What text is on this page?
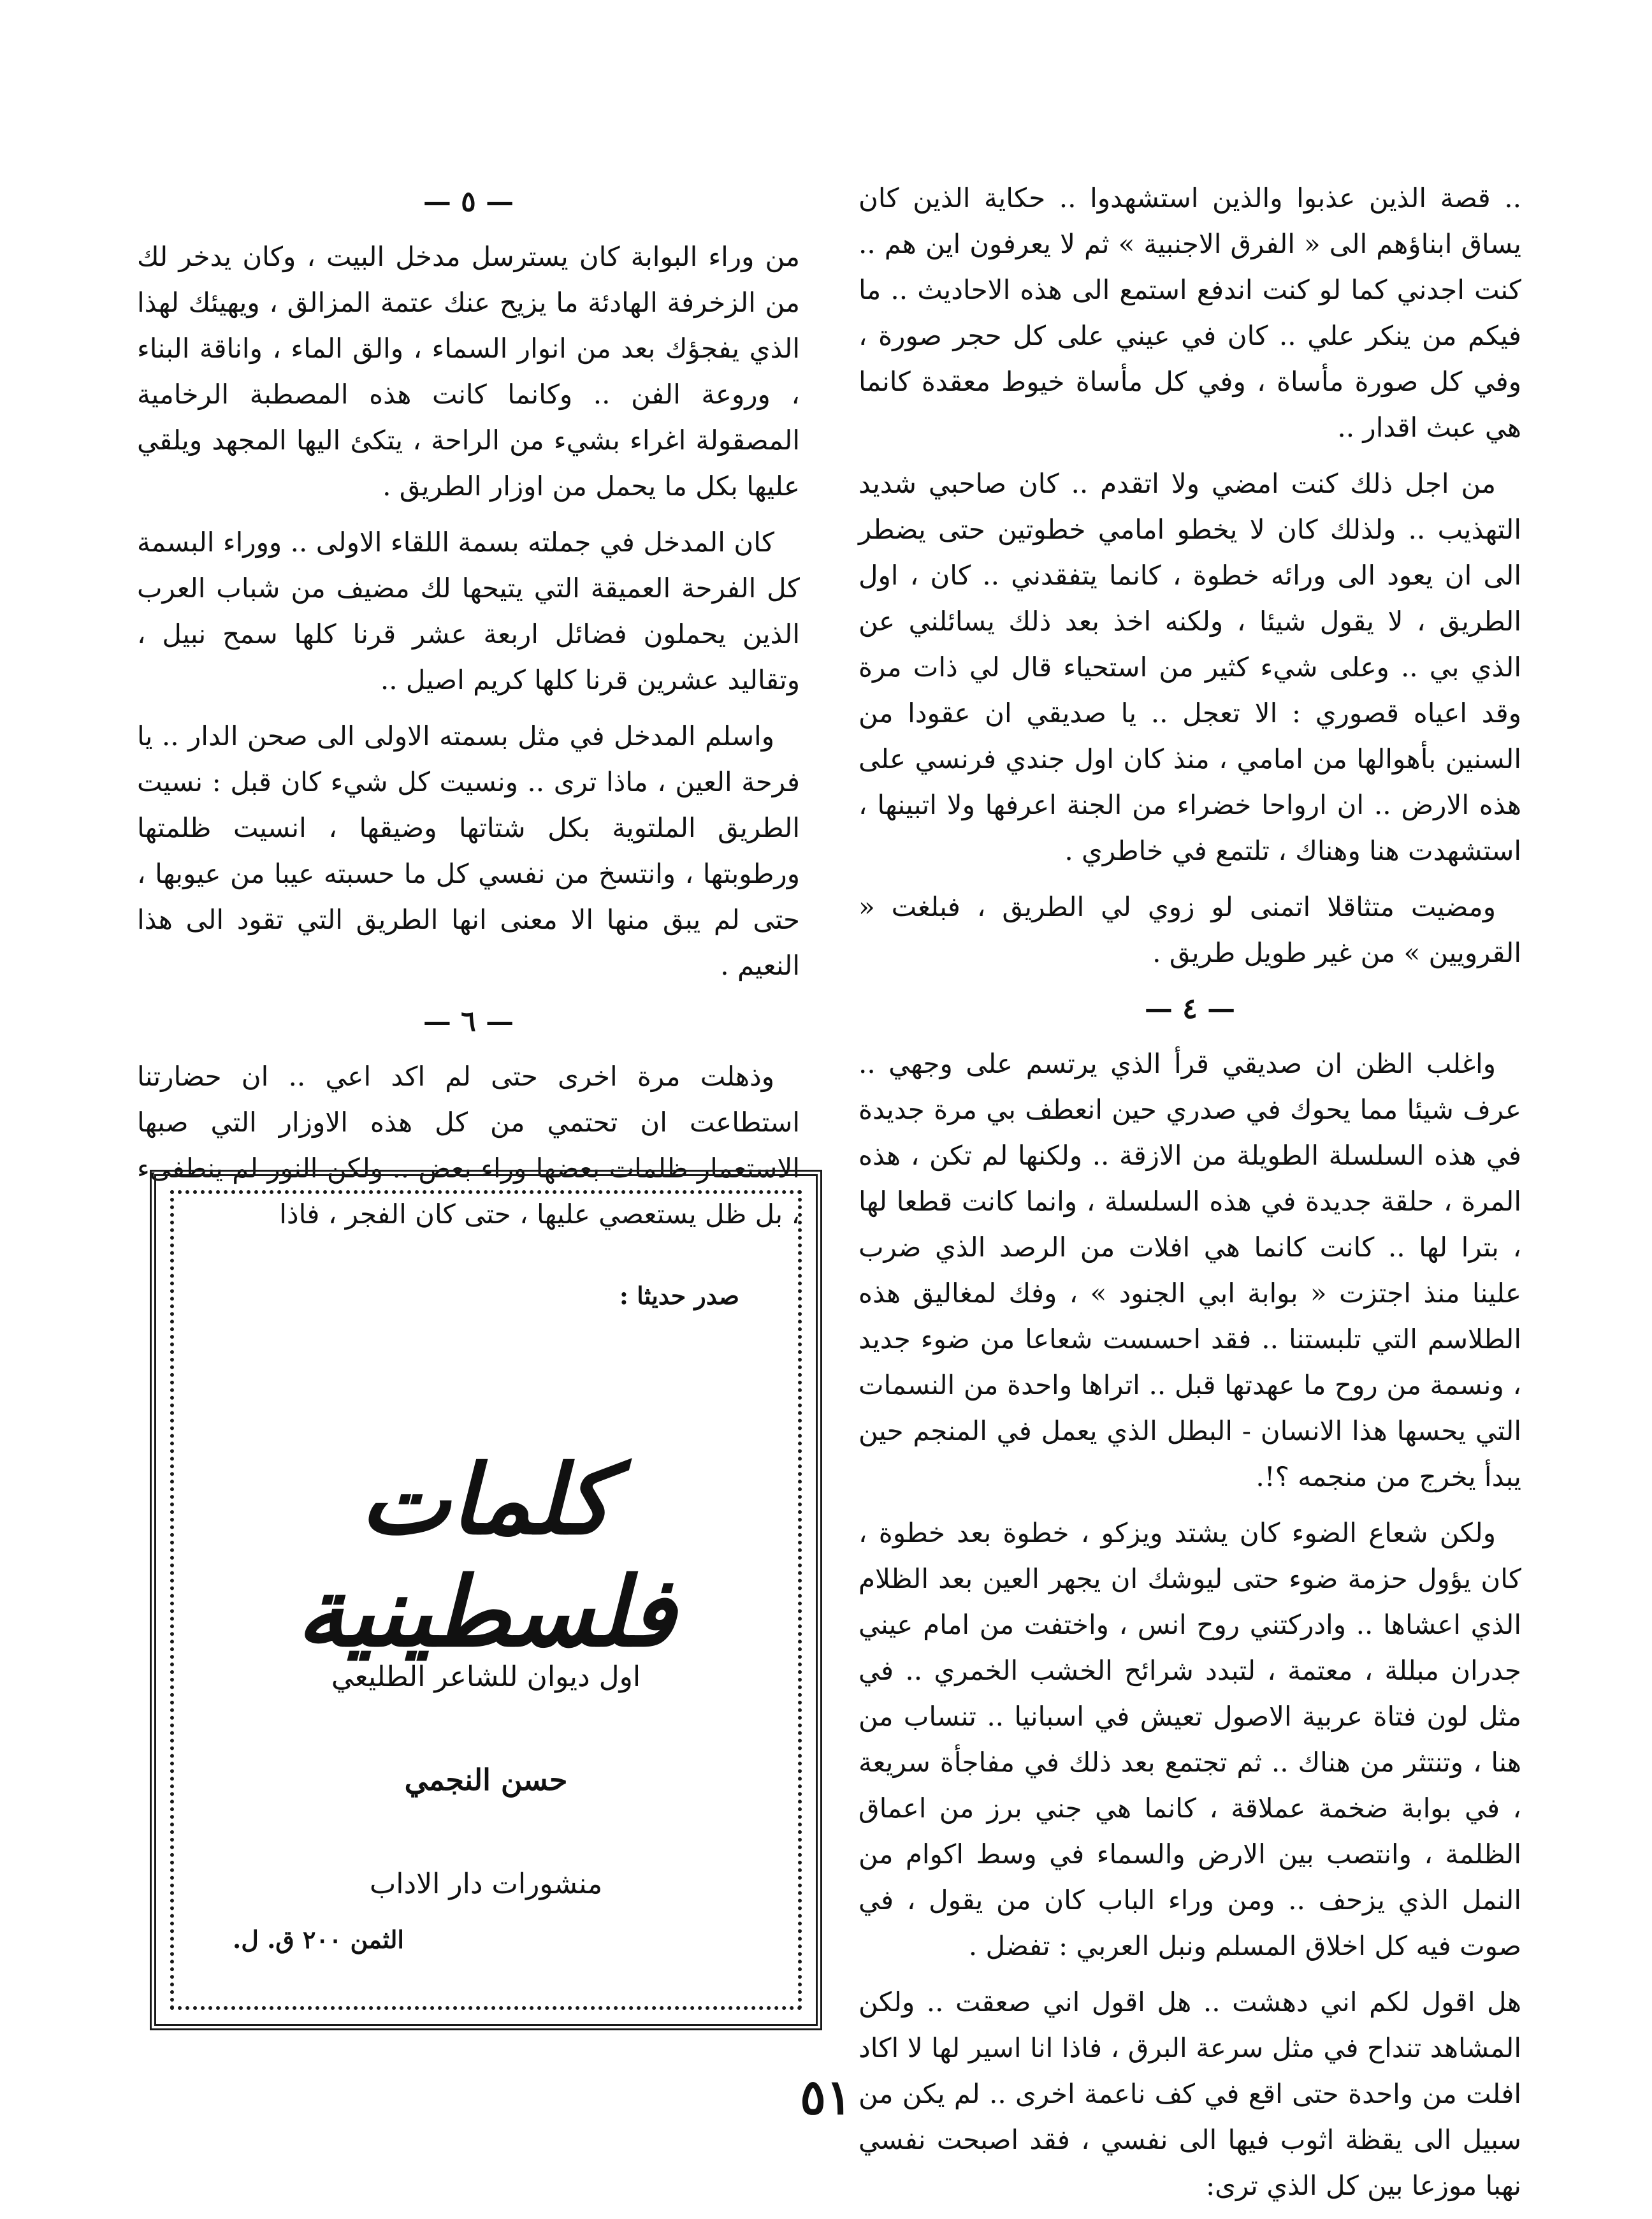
.. قصة الذين عذبوا والذين استشهدوا .. حكاية الذين كان يساق ابناؤهم الى « الفرق الاجنبية » ثم لا يعرفون اين هم .. كنت اجدني كما لو كنت اندفع استمع الى هذه الاحاديث .. ما فيكم من ينكر علي .. كان في عيني على كل حجر صورة ، وفي كل صورة مأساة ، وفي كل مأساة خيوط معقدة كانما هي عبث اقدار ..

من اجل ذلك كنت امضي ولا اتقدم .. كان صاحبي شديد التهذيب .. ولذلك كان لا يخطو امامي خطوتين حتى يضطر الى ان يعود الى ورائه خطوة ، كانما يتفقدني .. كان ، اول الطريق ، لا يقول شيئا ، ولكنه اخذ بعد ذلك يسائلني عن الذي بي .. وعلى شيء كثير من استحياء قال لي ذات مرة وقد اعياه قصوري : الا تعجل .. يا صديقي ان عقودا من السنين بأهوالها من امامي ، منذ كان اول جندي فرنسي على هذه الارض .. ان ارواحا خضراء من الجنة اعرفها ولا اتبينها ، استشهدت هنا وهناك ، تلتمع في خاطري .

ومضيت متثاقلا اتمنى لو زوي لي الطريق ، فبلغت « القرويين » من غير طويل طريق .

— ٤ —

واغلب الظن ان صديقي قرأ الذي يرتسم على وجهي .. عرف شيئا مما يحوك في صدري حين انعطف بي مرة جديدة في هذه السلسلة الطويلة من الازقة .. ولكنها لم تكن ، هذه المرة ، حلقة جديدة في هذه السلسلة ، وانما كانت قطعا لها ، بترا لها .. كانت كانما هي افلات من الرصد الذي ضرب علينا منذ اجتزت « بوابة ابي الجنود » ، وفك لمغاليق هذه الطلاسم التي تلبستنا .. فقد احسست شعاعا من ضوء جديد ، ونسمة من روح ما عهدتها قبل .. اتراها واحدة من النسمات التي يحسها هذا الانسان - البطل الذي يعمل في المنجم حين يبدأ يخرج من منجمه ؟!.

ولكن شعاع الضوء كان يشتد ويزكو ، خطوة بعد خطوة ، كان يؤول حزمة ضوء حتى ليوشك ان يجهر العين بعد الظلام الذي اعشاها .. وادركتني روح انس ، واختفت من امام عيني جدران مبللة ، معتمة ، لتبدد شرائح الخشب الخمري .. في مثل لون فتاة عربية الاصول تعيش في اسبانيا .. تنساب من هنا ، وتنتثر من هناك .. ثم تجتمع بعد ذلك في مفاجأة سريعة ، في بوابة ضخمة عملاقة ، كانما هي جني برز من اعماق الظلمة ، وانتصب بين الارض والسماء في وسط اكوام من النمل الذي يزحف .. ومن وراء الباب كان من يقول ، في صوت فيه كل اخلاق المسلم ونبل العربي : تفضل .

هل اقول لكم اني دهشت .. هل اقول اني صعقت .. ولكن المشاهد تنداح في مثل سرعة البرق ، فاذا انا اسير لها لا اكاد افلت من واحدة حتى اقع في كف ناعمة اخرى .. لم يكن من سبيل الى يقظة اثوب فيها الى نفسي ، فقد اصبحت نفسي نهبا موزعا بين كل الذي ترى:

— ٥ —

من وراء البوابة كان يسترسل مدخل البيت ، وكان يدخر لك من الزخرفة الهادئة ما يزيح عنك عتمة المزالق ، ويهيئك لهذا الذي يفجؤك بعد من انوار السماء ، والق الماء ، واناقة البناء ، وروعة الفن .. وكانما كانت هذه المصطبة الرخامية المصقولة اغراء بشيء من الراحة ، يتكئ اليها المجهد ويلقي عليها بكل ما يحمل من اوزار الطريق .

كان المدخل في جملته بسمة اللقاء الاولى .. ووراء البسمة كل الفرحة العميقة التي يتيحها لك مضيف من شباب العرب الذين يحملون فضائل اربعة عشر قرنا كلها سمح نبيل ، وتقاليد عشرين قرنا كلها كريم اصيل ..

واسلم المدخل في مثل بسمته الاولى الى صحن الدار .. يا فرحة العين ، ماذا ترى .. ونسيت كل شيء كان قبل : نسيت الطريق الملتوية بكل شتاتها وضيقها ، انسيت ظلمتها ورطوبتها ، وانتسخ من نفسي كل ما حسبته عيبا من عيوبها ، حتى لم يبق منها الا معنى انها الطريق التي تقود الى هذا النعيم .

— ٦ —

وذهلت مرة اخرى حتى لم اكد اعي .. ان حضارتنا استطاعت ان تحتمي من كل هذه الاوزار التي صبها الاستعمار ظلمات بعضها وراء بعض .. ولكن النور لم ينطفىء ، بل ظل يستعصي عليها ، حتى كان الفجر ، فاذا

صدر حديثا :
كلمات فلسطينية
اول ديوان للشاعر الطليعي
حسن النجمي
منشورات دار الاداب
الثمن ٢٠٠ ق. ل.
٥١
